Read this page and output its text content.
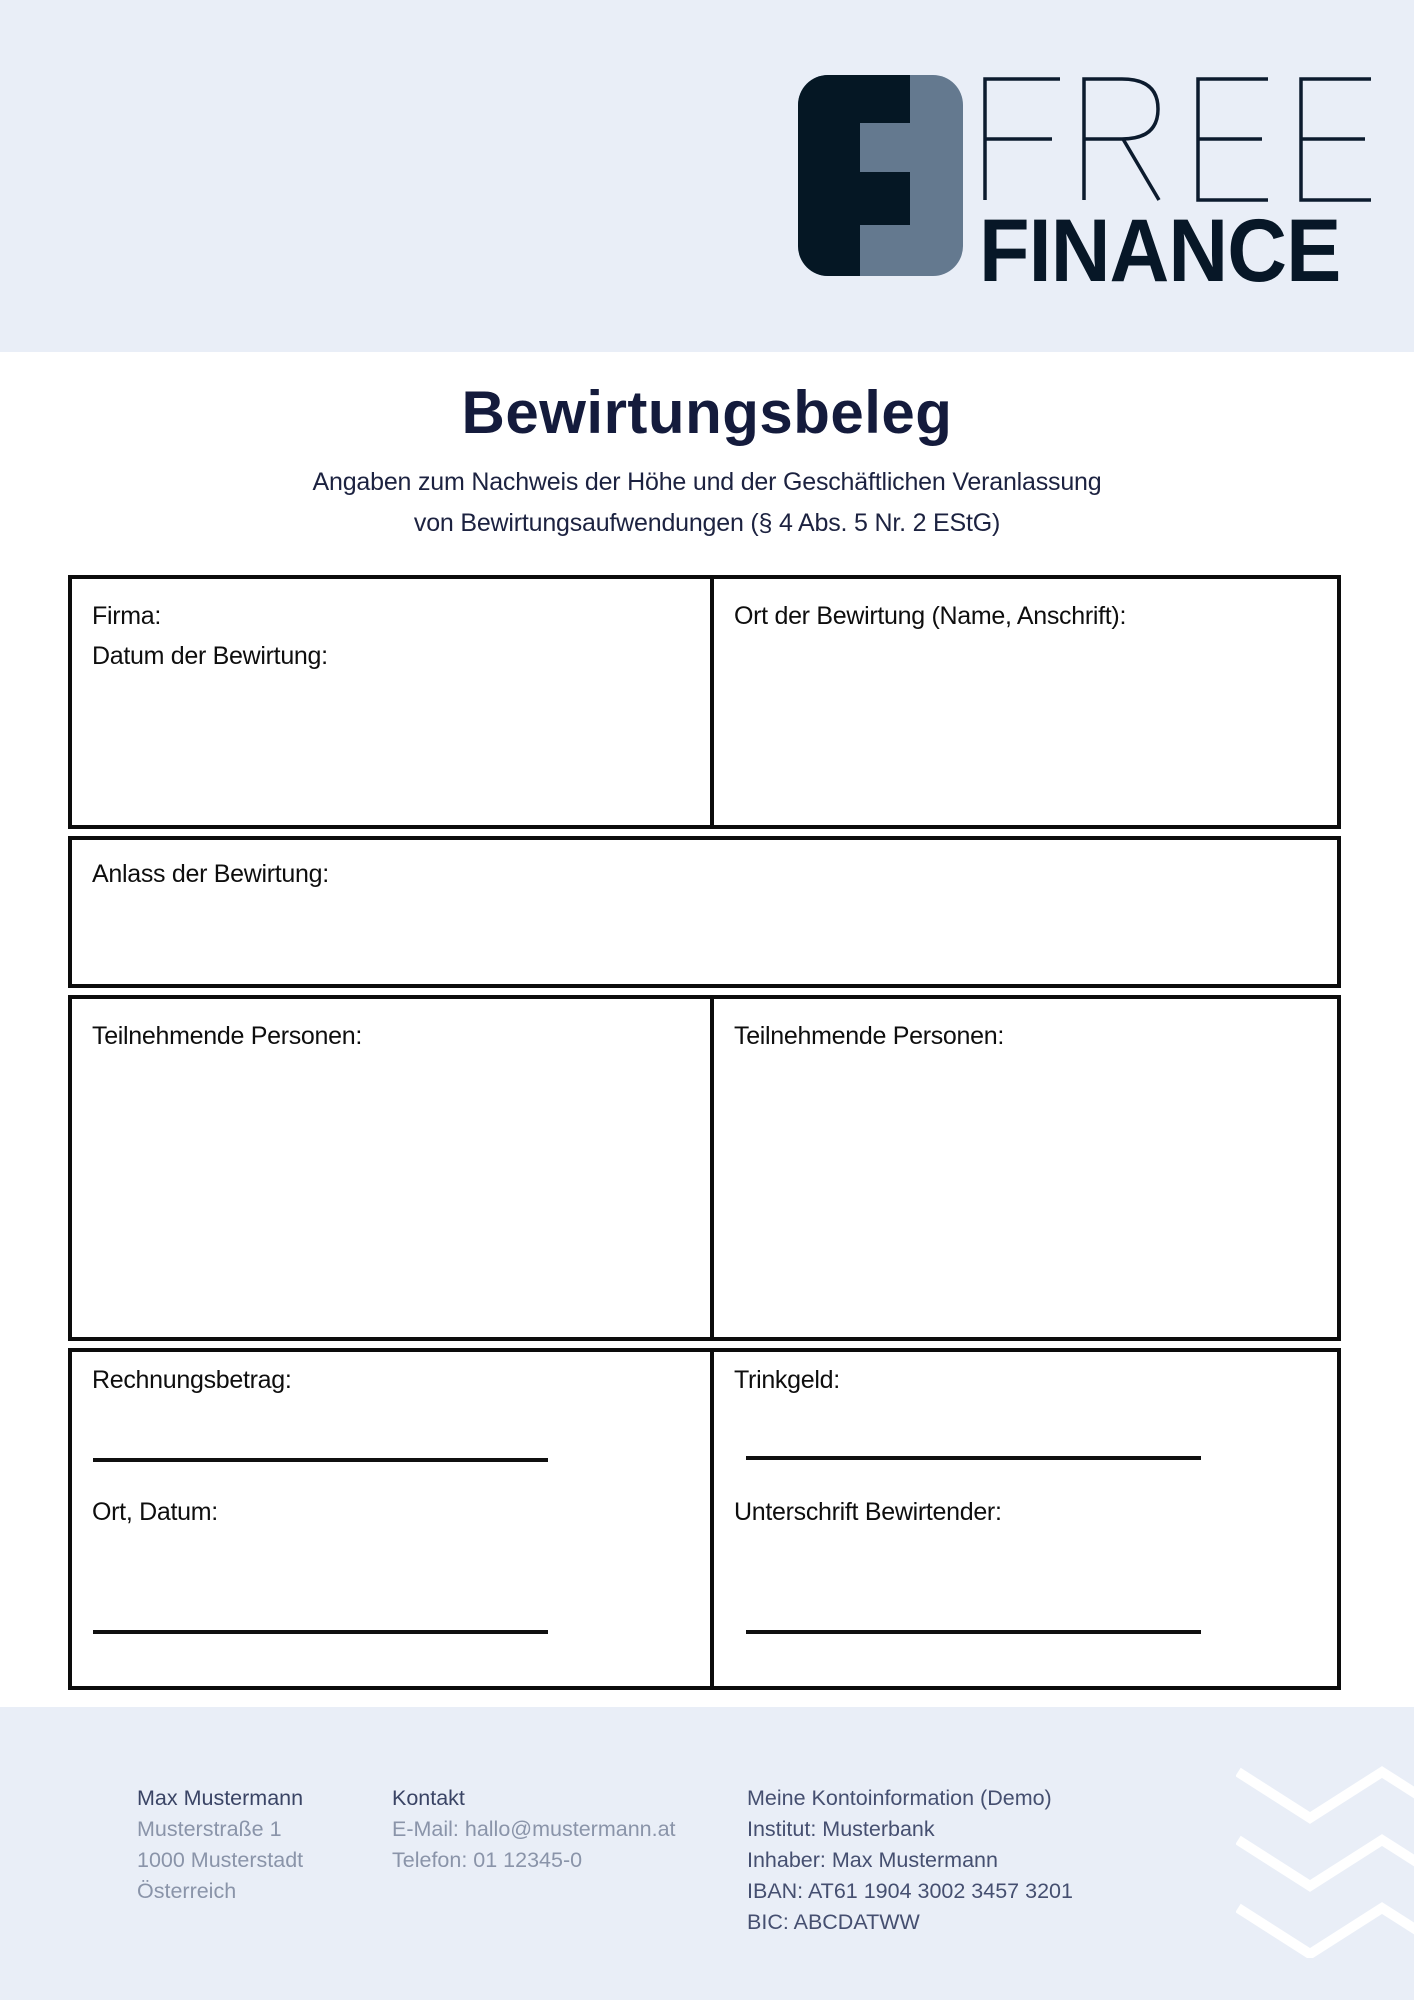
FINANCE
Bewirtungsbeleg
Angaben zum Nachweis der Höhe und der Geschäftlichen Veranlassung
von Bewirtungsaufwendungen (§ 4 Abs. 5 Nr. 2 EStG)
Firma:
Datum der Bewirtung:
Ort der Bewirtung (Name, Anschrift):
Anlass der Bewirtung:
Teilnehmende Personen:	Teilnehmende Personen:
Rechnungsbetrag:
Ort, Datum:
Trinkgeld:
Unterschrift Bewirtender:
Max Mustermann
Musterstraße 1
1000 Musterstadt
Österreich
Kontakt
E-Mail: hallo@mustermann.at
Telefon: 01 12345-0
Meine Kontoinformation (Demo)
Institut: Musterbank
Inhaber: Max Mustermann
IBAN: AT61 1904 3002 3457 3201
BIC: ABCDATWW
